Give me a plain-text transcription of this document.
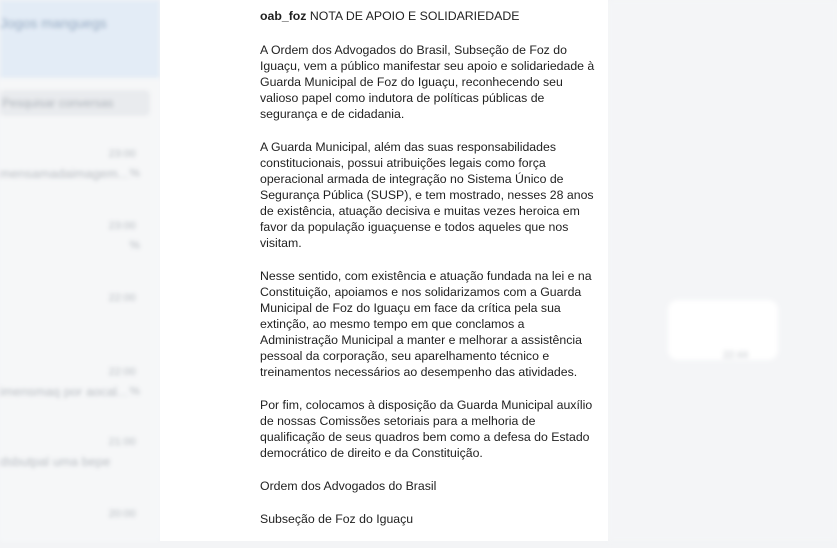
Jogos manguegs
Pesquisar conversas
23:00
mensamadaimagem... %
23:00
%
22:00
22:00
imensmaq por aocal... %
21:00
dsbutpal uma bepe
20:00
22:44

oab_foz NOTA DE APOIO E SOLIDARIEDADE

A Ordem dos Advogados do Brasil, Subseção de Foz do Iguaçu, vem a público manifestar seu apoio e solidariedade à Guarda Municipal de Foz do Iguaçu, reconhecendo seu valioso papel como indutora de políticas públicas de segurança e de cidadania.

A Guarda Municipal, além das suas responsabilidades constitucionais, possui atribuições legais como força operacional armada de integração no Sistema Único de Segurança Pública (SUSP), e tem mostrado, nesses 28 anos de existência, atuação decisiva e muitas vezes heroica em favor da população iguaçuense e todos aqueles que nos visitam.

Nesse sentido, com existência e atuação fundada na lei e na Constituição, apoiamos e nos solidarizamos com a Guarda Municipal de Foz do Iguaçu em face da crítica pela sua extinção, ao mesmo tempo em que conclamos a Administração Municipal a manter e melhorar a assistência pessoal da corporação, seu aparelhamento técnico e treinamentos necessários ao desempenho das atividades.

Por fim, colocamos à disposição da Guarda Municipal auxílio de nossas Comissões setoriais para a melhoria de qualificação de seus quadros bem como a defesa do Estado democrático de direito e da Constituição.

Ordem dos Advogados do Brasil

Subseção de Foz do Iguaçu
